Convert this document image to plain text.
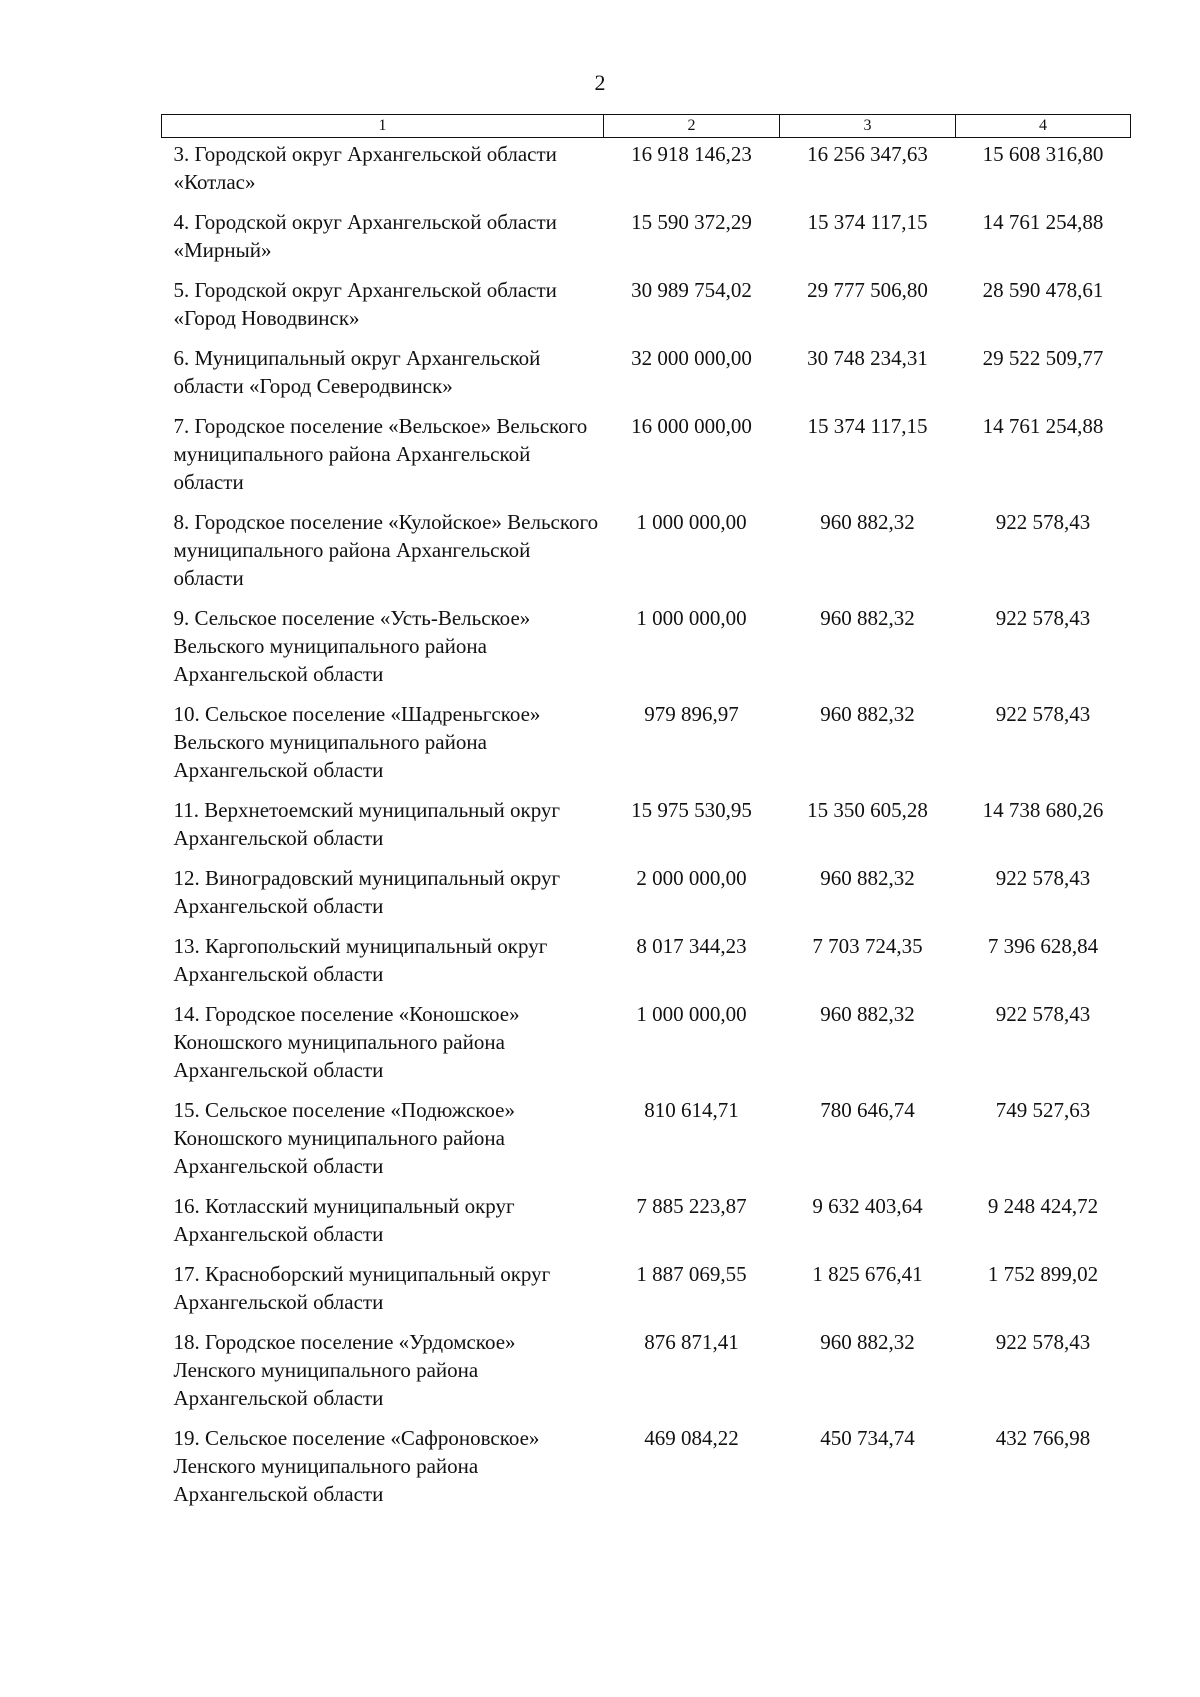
2
1	2	3	4
3. Городской округ Архангельской области «Котлас»	16 918 146,23	16 256 347,63	15 608 316,80
4. Городской округ Архангельской области «Мирный»	15 590 372,29	15 374 117,15	14 761 254,88
5. Городской округ Архангельской области «Город Новодвинск»	30 989 754,02	29 777 506,80	28 590 478,61
6. Муниципальный округ Архангельской области «Город Северодвинск»	32 000 000,00	30 748 234,31	29 522 509,77
7. Городское поселение «Вельское» Вельского муниципального района Архангельской области	16 000 000,00	15 374 117,15	14 761 254,88
8. Городское поселение «Кулойское» Вельского муниципального района Архангельской области	1 000 000,00	960 882,32	922 578,43
9. Сельское поселение «Усть-Вельское» Вельского муниципального района Архангельской области	1 000 000,00	960 882,32	922 578,43
10. Сельское поселение «Шадреньгское» Вельского муниципального района Архангельской области	979 896,97	960 882,32	922 578,43
11. Верхнетоемский муниципальный округ Архангельской области	15 975 530,95	15 350 605,28	14 738 680,26
12. Виноградовский муниципальный округ Архангельской области	2 000 000,00	960 882,32	922 578,43
13. Каргопольский муниципальный округ Архангельской области	8 017 344,23	7 703 724,35	7 396 628,84
14. Городское поселение «Коношское» Коношского муниципального района Архангельской области	1 000 000,00	960 882,32	922 578,43
15. Сельское поселение «Подюжское» Коношского муниципального района Архангельской области	810 614,71	780 646,74	749 527,63
16. Котласский муниципальный округ Архангельской области	7 885 223,87	9 632 403,64	9 248 424,72
17. Красноборский муниципальный округ Архангельской области	1 887 069,55	1 825 676,41	1 752 899,02
18. Городское поселение «Урдомское» Ленского муниципального района Архангельской области	876 871,41	960 882,32	922 578,43
19. Сельское поселение «Сафроновское» Ленского муниципального района Архангельской области	469 084,22	450 734,74	432 766,98
